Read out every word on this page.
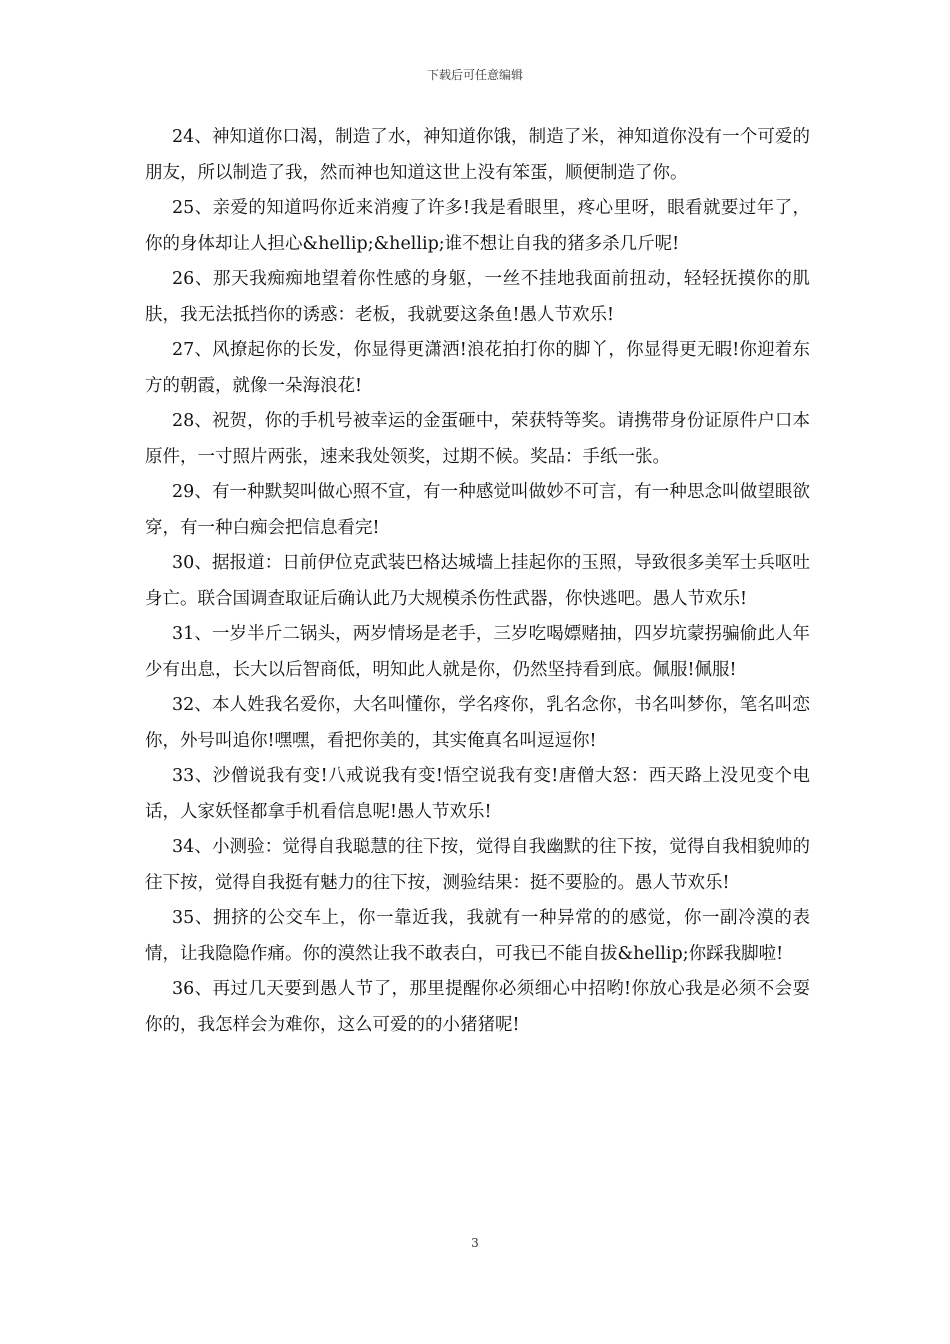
下载后可任意编辑

24、神知道你口渴，制造了水，神知道你饿，制造了米，神知道你没有一个可爱的朋友，所以制造了我，然而神也知道这世上没有笨蛋，顺便制造了你。

25、亲爱的知道吗你近来消瘦了许多!我是看眼里，疼心里呀，眼看就要过年了，你的身体却让人担心&hellip;&hellip;谁不想让自我的猪多杀几斤呢!

26、那天我痴痴地望着你性感的身躯，一丝不挂地我面前扭动，轻轻抚摸你的肌肤，我无法抵挡你的诱惑：老板，我就要这条鱼!愚人节欢乐!

27、风撩起你的长发，你显得更潇洒!浪花拍打你的脚丫，你显得更无暇!你迎着东方的朝霞，就像一朵海浪花!

28、祝贺，你的手机号被幸运的金蛋砸中，荣获特等奖。请携带身份证原件户口本原件，一寸照片两张，速来我处领奖，过期不候。奖品：手纸一张。

29、有一种默契叫做心照不宣，有一种感觉叫做妙不可言，有一种思念叫做望眼欲穿，有一种白痴会把信息看完!

30、据报道：日前伊位克武装巴格达城墙上挂起你的玉照，导致很多美军士兵呕吐身亡。联合国调查取证后确认此乃大规模杀伤性武器，你快逃吧。愚人节欢乐!

31、一岁半斤二锅头，两岁情场是老手，三岁吃喝嫖赌抽，四岁坑蒙拐骗偷此人年少有出息，长大以后智商低，明知此人就是你，仍然坚持看到底。佩服!佩服!

32、本人姓我名爱你，大名叫懂你，学名疼你，乳名念你，书名叫梦你，笔名叫恋你，外号叫追你!嘿嘿，看把你美的，其实俺真名叫逗逗你!

33、沙僧说我有变!八戒说我有变!悟空说我有变!唐僧大怒：西天路上没见变个电话，人家妖怪都拿手机看信息呢!愚人节欢乐!

34、小测验：觉得自我聪慧的往下按，觉得自我幽默的往下按，觉得自我相貌帅的往下按，觉得自我挺有魅力的往下按，测验结果：挺不要脸的。愚人节欢乐!

35、拥挤的公交车上，你一靠近我，我就有一种异常的的感觉，你一副冷漠的表情，让我隐隐作痛。你的漠然让我不敢表白，可我已不能自拔&hellip;你踩我脚啦!

36、再过几天要到愚人节了，那里提醒你必须细心中招哟!你放心我是必须不会耍你的，我怎样会为难你，这么可爱的的小猪猪呢!

3
